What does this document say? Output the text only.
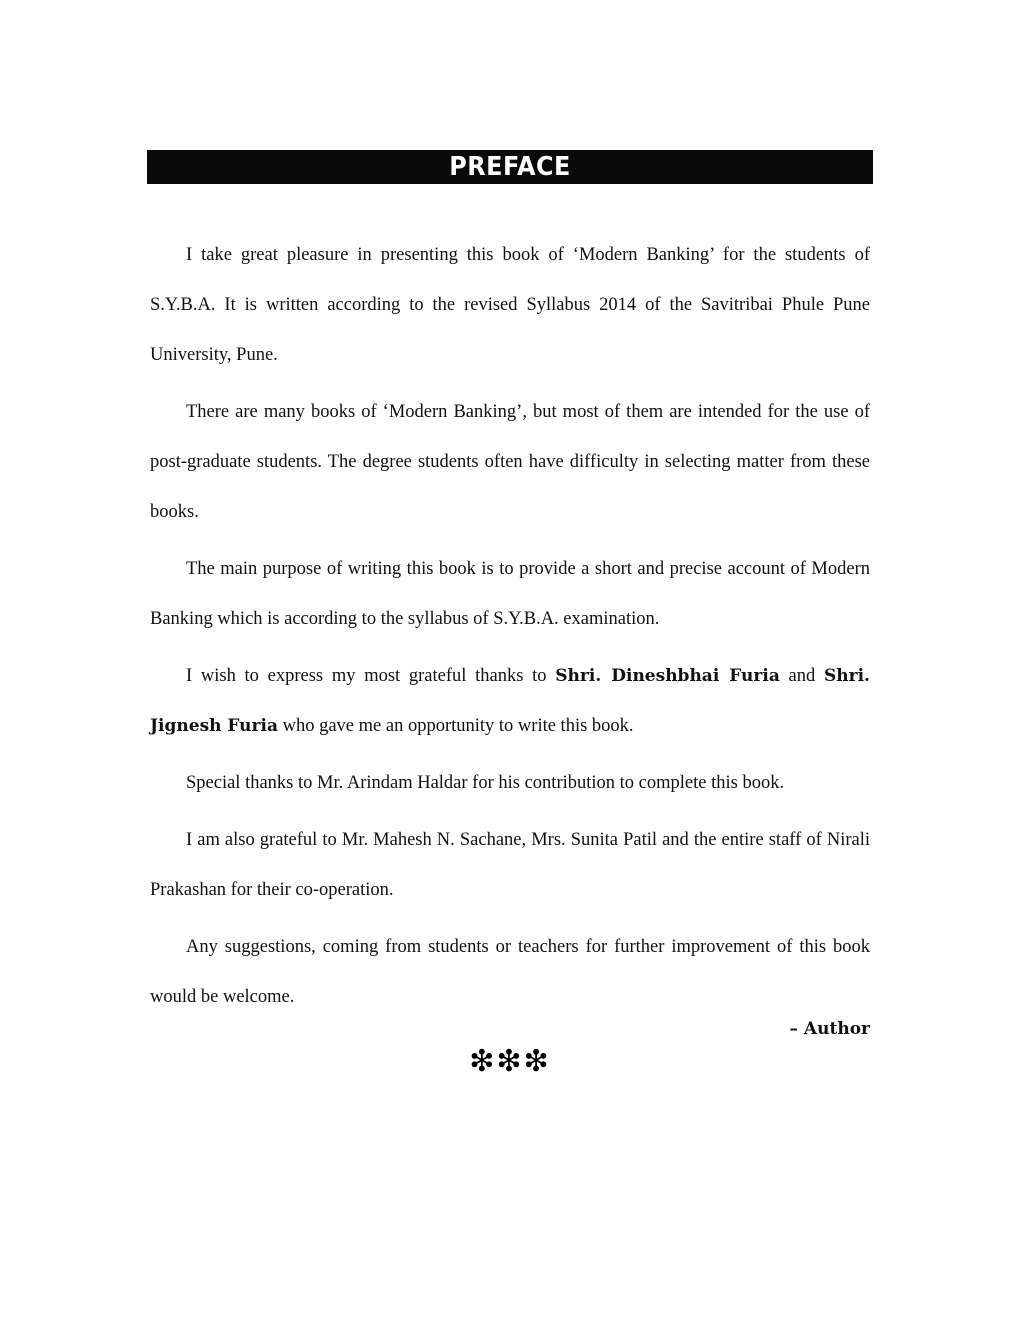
PREFACE

I take great pleasure in presenting this book of ‘Modern Banking’ for the students of S.Y.B.A. It is written according to the revised Syllabus 2014 of the Savitribai Phule Pune University, Pune.

There are many books of ‘Modern Banking’, but most of them are intended for the use of post-graduate students. The degree students often have difficulty in selecting matter from these books.

The main purpose of writing this book is to provide a short and precise account of Modern Banking which is according to the syllabus of S.Y.B.A. examination.

I wish to express my most grateful thanks to Shri. Dineshbhai Furia and Shri. Jignesh Furia who gave me an opportunity to write this book.

Special thanks to Mr. Arindam Haldar for his contribution to complete this book.

I am also grateful to Mr. Mahesh N. Sachane, Mrs. Sunita Patil and the entire staff of Nirali Prakashan for their co-operation.

Any suggestions, coming from students or teachers for further improvement of this book would be welcome.

– Author
❇❇❇
